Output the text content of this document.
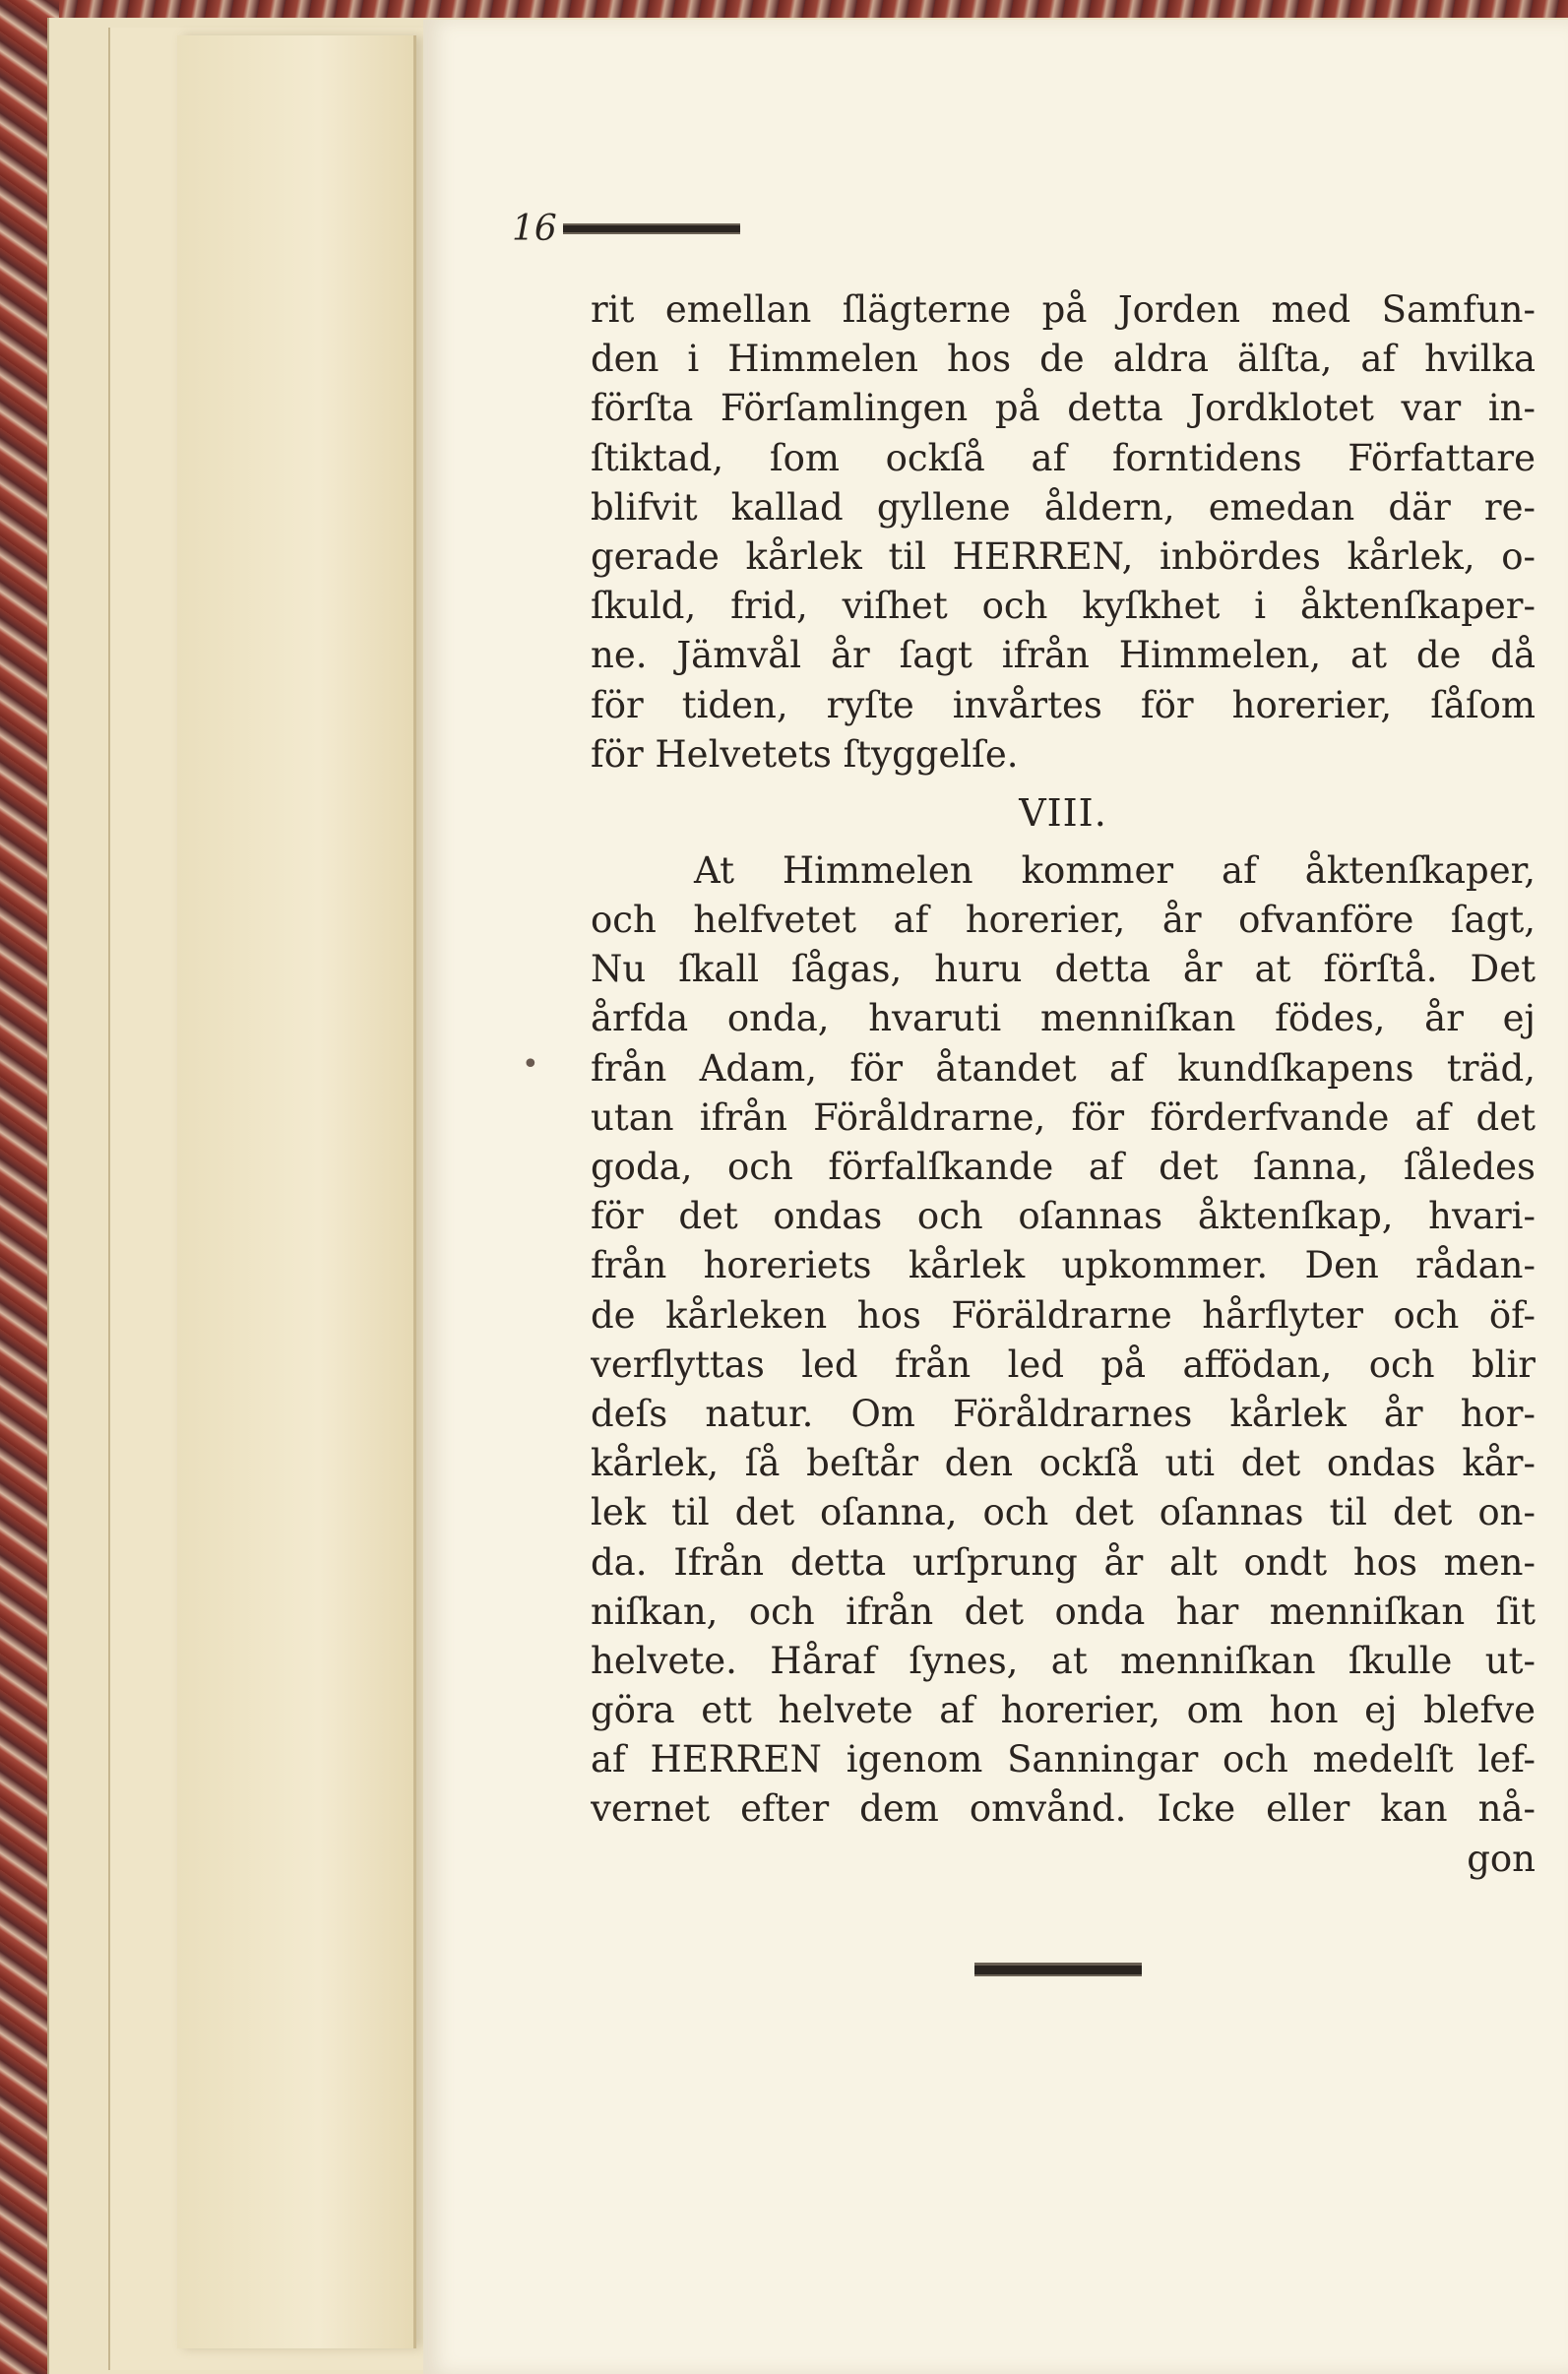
16
•
rit emellan ſlägterne på Jorden med Samfun-
den i Himmelen hos de aldra älſta, af hvilka
förſta Förſamlingen på detta Jordklotet var in-
ſtiktad, ſom ockſå af forntidens Författare
blifvit kallad gyllene åldern, emedan där re-
gerade kårlek til HERREN, inbördes kårlek, o-
ſkuld, frid, viſhet och kyſkhet i åktenſkaper-
ne. Jämvål år ſagt ifrån Himmelen, at de då
för tiden, ryſte invårtes för horerier, ſåſom
för Helvetets ſtyggelſe.
VIII.
At Himmelen kommer af åktenſkaper,
och helfvetet af horerier, år ofvanföre ſagt,
Nu ſkall ſågas, huru detta år at förſtå. Det
årfda onda, hvaruti menniſkan födes, år ej
från Adam, för åtandet af kundſkapens träd,
utan ifrån Föråldrarne, för förderfvande af det
goda, och förfalſkande af det ſanna, ſåledes
för det ondas och oſannas åktenſkap, hvari-
från horeriets kårlek upkommer. Den rådan-
de kårleken hos Föräldrarne hårflyter och öf-
verflyttas led från led på affödan, och blir
deſs natur. Om Föråldrarnes kårlek år hor-
kårlek, ſå beſtår den ockſå uti det ondas kår-
lek til det oſanna, och det oſannas til det on-
da. Ifrån detta urſprung år alt ondt hos men-
niſkan, och ifrån det onda har menniſkan ſit
helvete. Håraf ſynes, at menniſkan ſkulle ut-
göra ett helvete af horerier, om hon ej blefve
af HERREN igenom Sanningar och medelſt lef-
vernet efter dem omvånd. Icke eller kan nå-
gon
